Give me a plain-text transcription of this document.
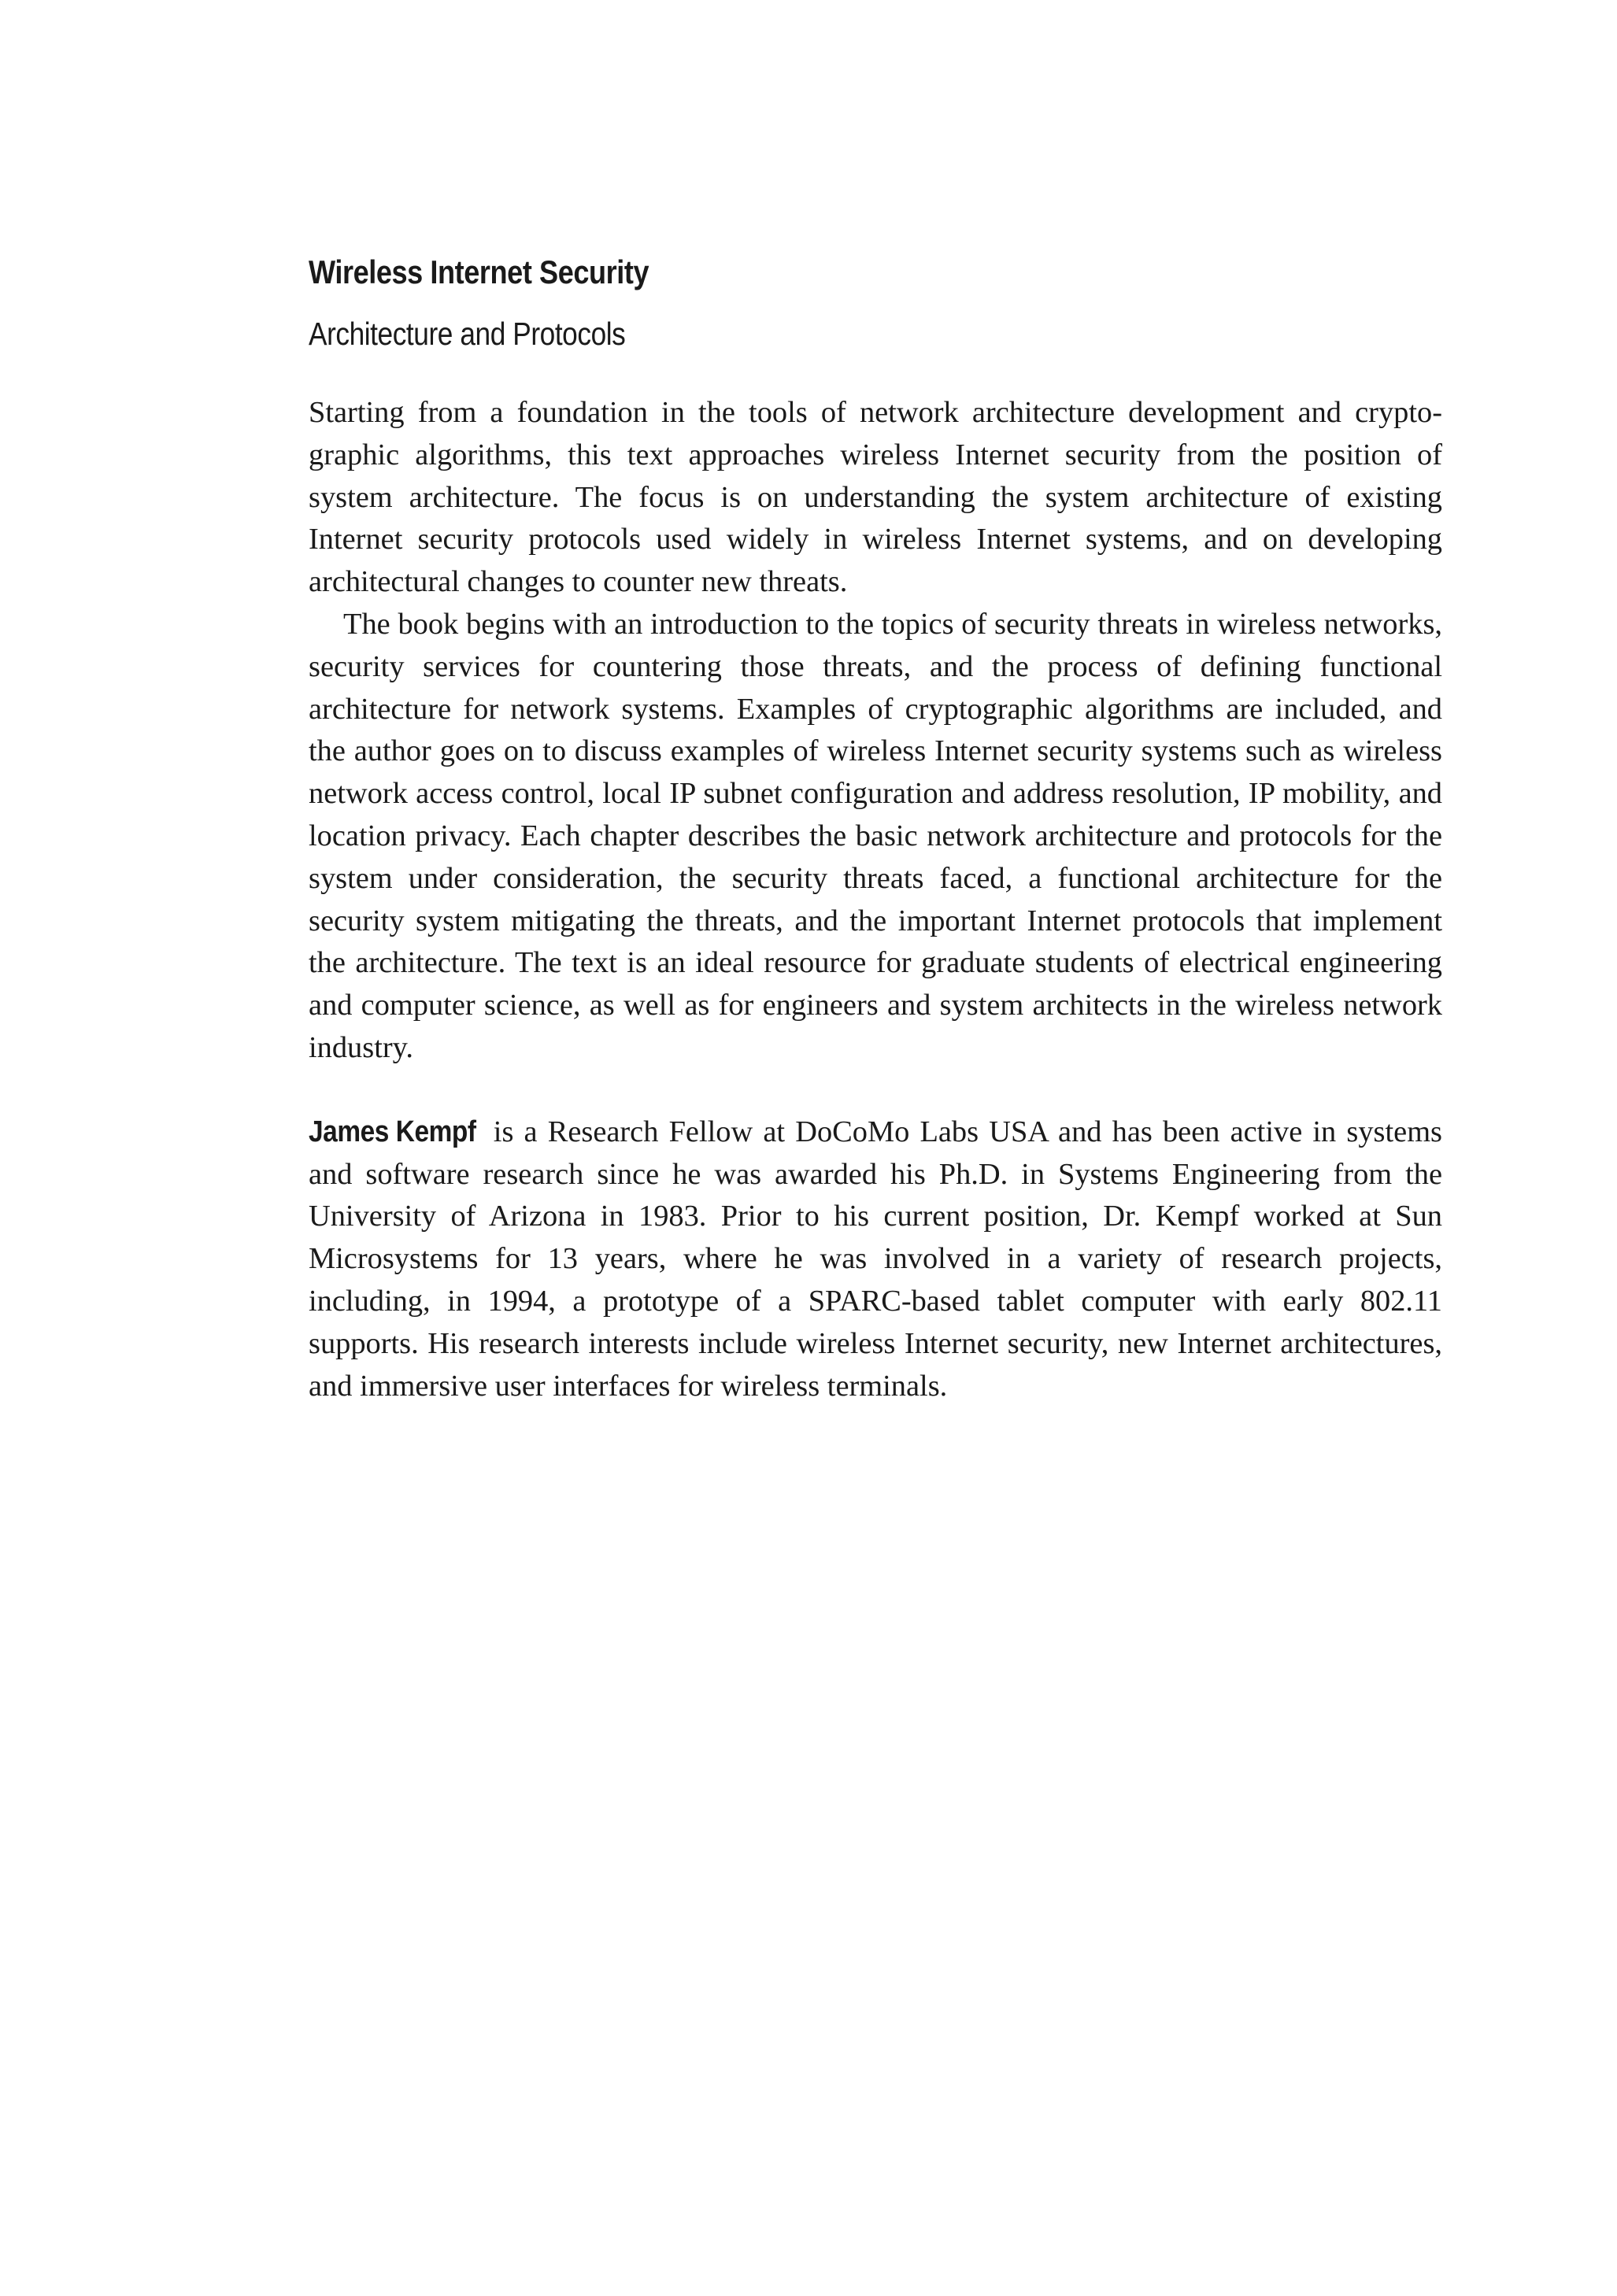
Wireless Internet Security
Architecture and Protocols

Starting from a foundation in the tools of network architecture development and cryptographic algorithms, this text approaches wireless Internet security from the position of system architecture. The focus is on understanding the system architecture of existing Internet security protocols used widely in wireless Internet systems, and on developing architectural changes to counter new threats.

The book begins with an introduction to the topics of security threats in wireless networks, security services for countering those threats, and the process of defining functional architecture for network systems. Examples of cryptographic algorithms are included, and the author goes on to discuss examples of wireless Internet security systems such as wireless network access control, local IP subnet configuration and address resolution, IP mobility, and location privacy. Each chapter describes the basic network architecture and protocols for the system under consideration, the security threats faced, a functional architecture for the security system mitigating the threats, and the important Internet protocols that implement the architecture. The text is an ideal resource for graduate students of electrical engineering and computer science, as well as for engineers and system architects in the wireless network industry.

James Kempf is a Research Fellow at DoCoMo Labs USA and has been active in systems and software research since he was awarded his Ph.D. in Systems Engineering from the University of Arizona in 1983. Prior to his current position, Dr. Kempf worked at Sun Microsystems for 13 years, where he was involved in a variety of research projects, including, in 1994, a prototype of a SPARC-based tablet computer with early 802.11 supports. His research interests include wireless Internet security, new Internet architectures, and immersive user interfaces for wireless terminals.
